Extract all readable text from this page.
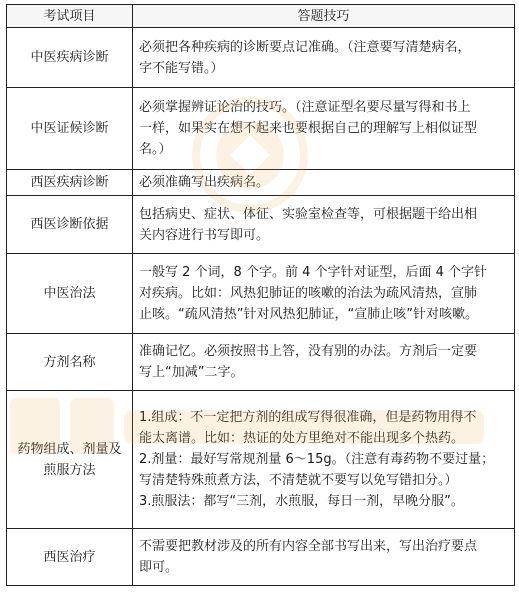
考试项目	答题技巧
中医疾病诊断	必须把各种疾病的诊断要点记准确。（注意要写清楚病名，
字不能写错。）

中医证候诊断	必须掌握辨证论治的技巧。（注意证型名要尽量写得和书上
一样，如果实在想不起来也要根据自己的理解写上相似证型
名。）

西医疾病诊断	必须准确写出疾病名。

西医诊断依据	包括病史、症状、体征、实验室检查等，可根据题干给出相
关内容进行书写即可。

中医治法	一般写 2 个词，8 个字。前 4 个字针对证型，后面 4 个字针
对疾病。比如：风热犯肺证的咳嗽的治法为疏风清热，宣肺
止咳。“疏风清热”针对风热犯肺证，“宣肺止咳”针对咳嗽。

方剂名称	准确记忆。必须按照书上答，没有别的办法。方剂后一定要
写上“加减”二字。

药物组成、剂量及
煎服方法	1.组成：不一定把方剂的组成写得很准确，但是药物用得不
能太离谱。比如：热证的处方里绝对不能出现多个热药。
2.剂量：最好写常规剂量 6～15g。（注意有毒药物不要过量；
写清楚特殊煎煮方法，不清楚就不要写以免写错扣分。）
3.煎服法：都写“三剂，水煎服，每日一剂，早晚分服”。

西医治疗	不需要把教材涉及的所有内容全部书写出来，写出治疗要点
即可。
